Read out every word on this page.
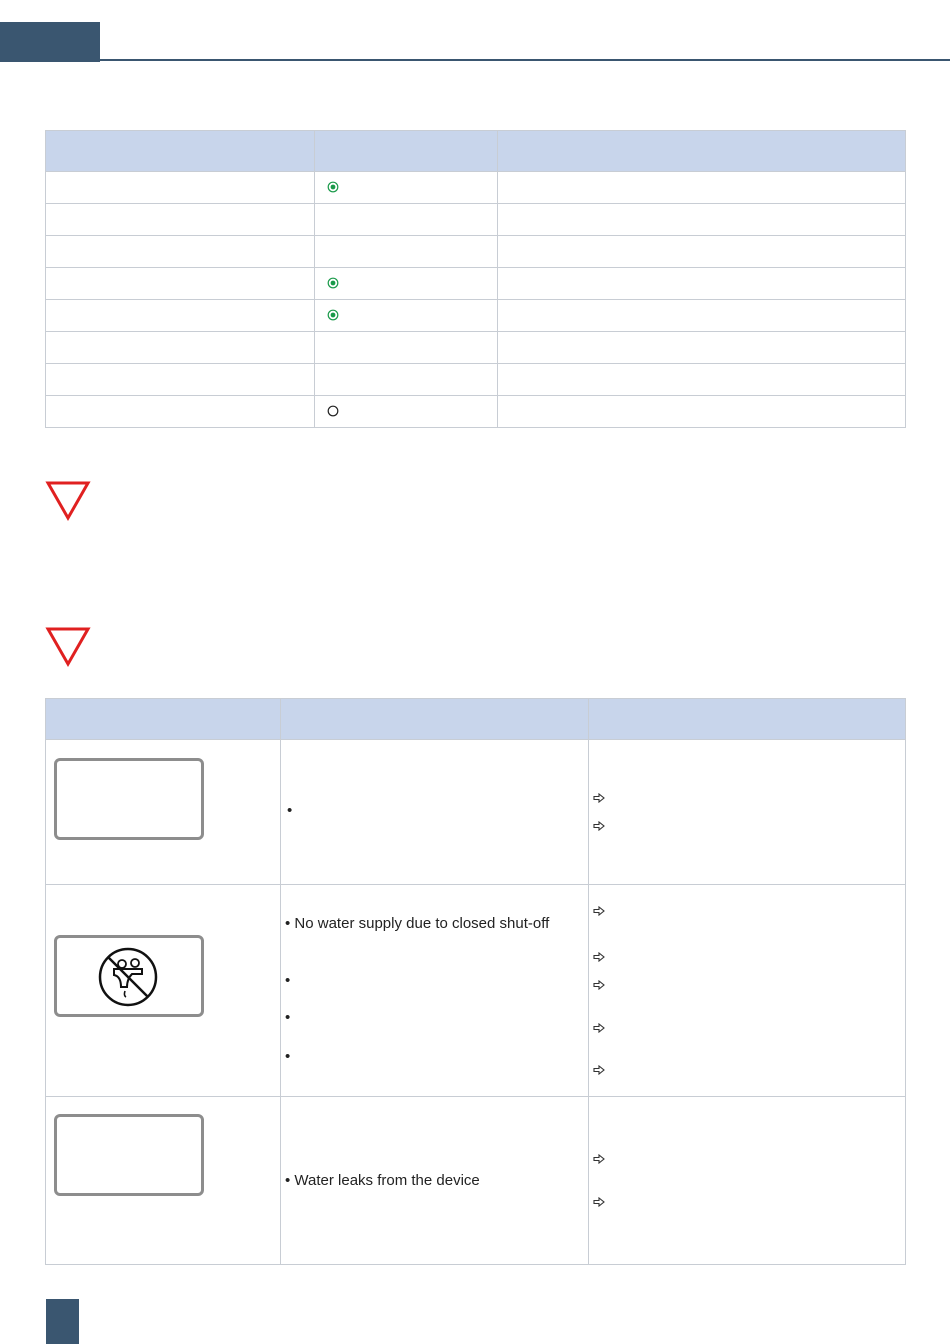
	•

• No water supply due to closed shut-off
•
•
•

	• Water leaks from the device
